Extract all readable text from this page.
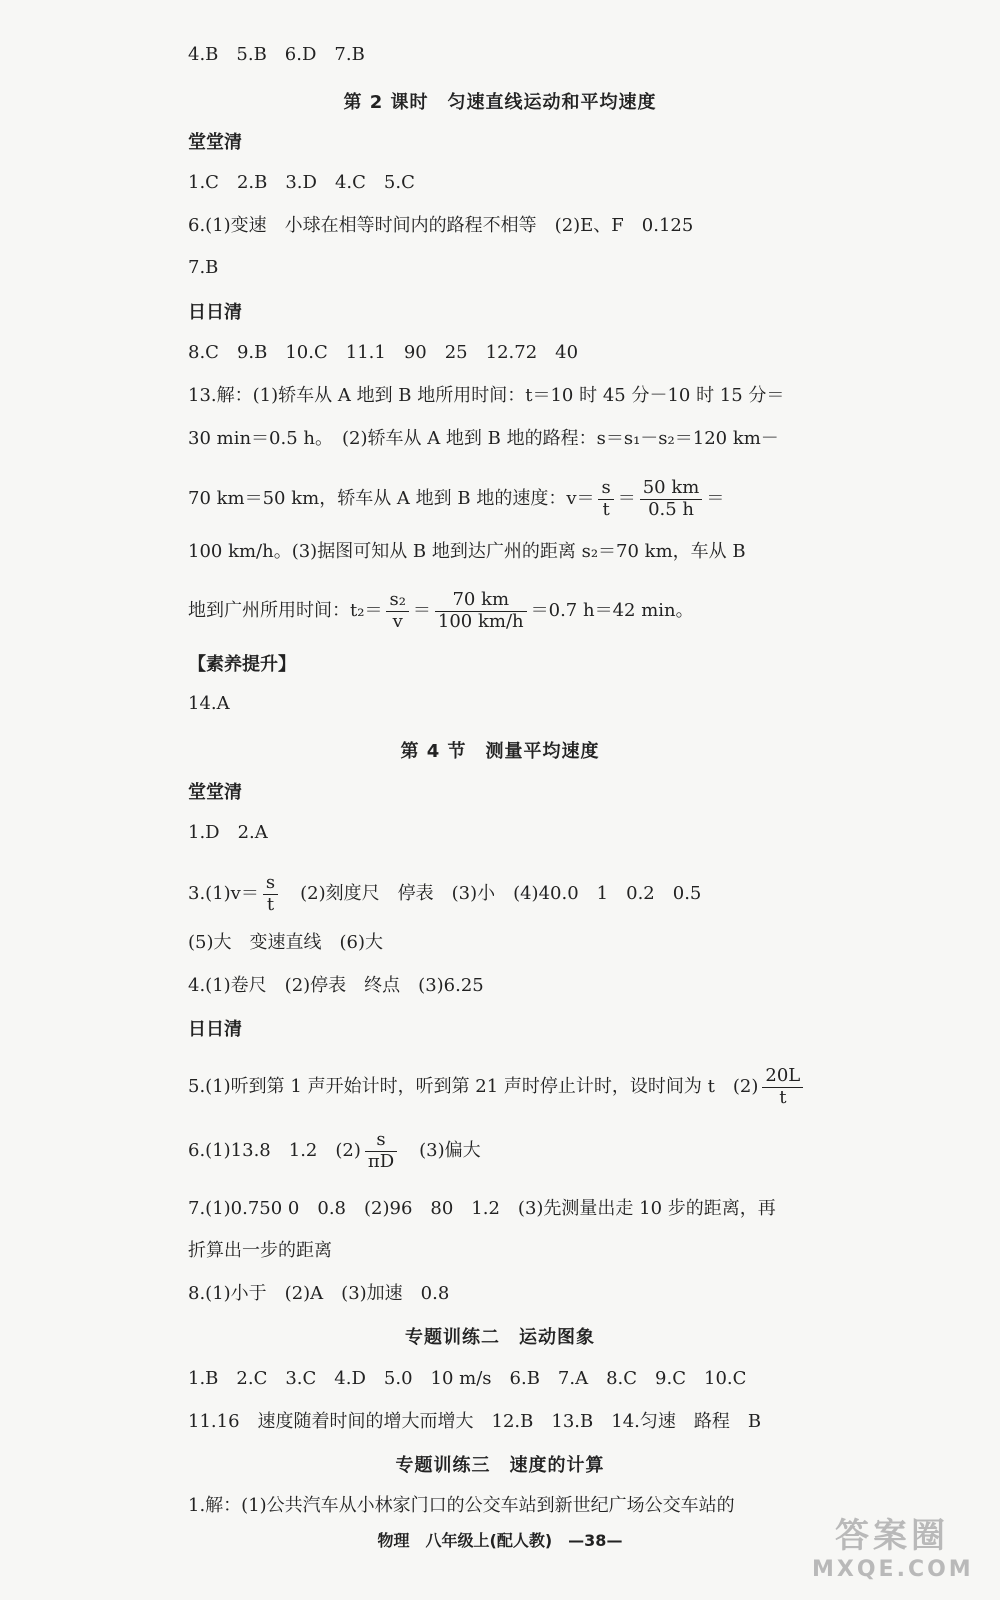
4.B　5.B　6.D　7.B
第 2 课时　匀速直线运动和平均速度
堂堂清
1.C　2.B　3.D　4.C　5.C
6.(1)变速　小球在相等时间内的路程不相等　(2)E、F　0.125
7.B
日日清
8.C　9.B　10.C　11.1　90　25　12.72　40
13.解：(1)轿车从 A 地到 B 地所用时间：t＝10 时 45 分－10 时 15 分＝
30 min＝0.5 h。　(2)轿车从 A 地到 B 地的路程：s＝s₁－s₂＝120 km－
70 km＝50 km，轿车从 A 地到 B 地的速度：$v= \frac{s}{t} = \frac{50 km}{0.5 h}$ ＝
100 km/h。(3)据图可知从 B 地到达广州的距离 s₂＝70 km，车从 B
地到广州所用时间：$t_2= \frac{\text{s₂}}{v} = \frac{70 km}{100 km/h} =0.7$ h＝42 min。
【素养提升】
14.A
第 4 节　测量平均速度
堂堂清
1.D　2.A
$3.(1)v= \frac{s}{t}$ 　(2)刻度尺　停表　(3)小　(4)40.0　1　0.2　0.5
(5)大　变速直线　(6)大
4.(1)卷尺　(2)停表　终点　(3)6.25
日日清
5.(1)听到第 1 声开始计时，听到第 21 声时停止计时，设时间为 t　$(2) \frac{20L}{t}$
6.(1)13.8　1.2　$(2) \frac{s}{\pi D}$ 　(3)偏大
7.(1)0.750 0　0.8　(2)96　80　1.2　(3)先测量出走 10 步的距离，再
折算出一步的距离
8.(1)小于　(2)A　(3)加速　0.8
专题训练二　运动图象
1.B　2.C　3.C　4.D　5.0　10 m/s　6.B　7.A　8.C　9.C　10.C
11.16　速度随着时间的增大而增大　12.B　13.B　14.匀速　路程　B
专题训练三　速度的计算
1.解：(1)公共汽车从小林家门口的公交车站到新世纪广场公交车站的
物理　八年级上(配人教)　—38—	答案圈
MXQE.COM
